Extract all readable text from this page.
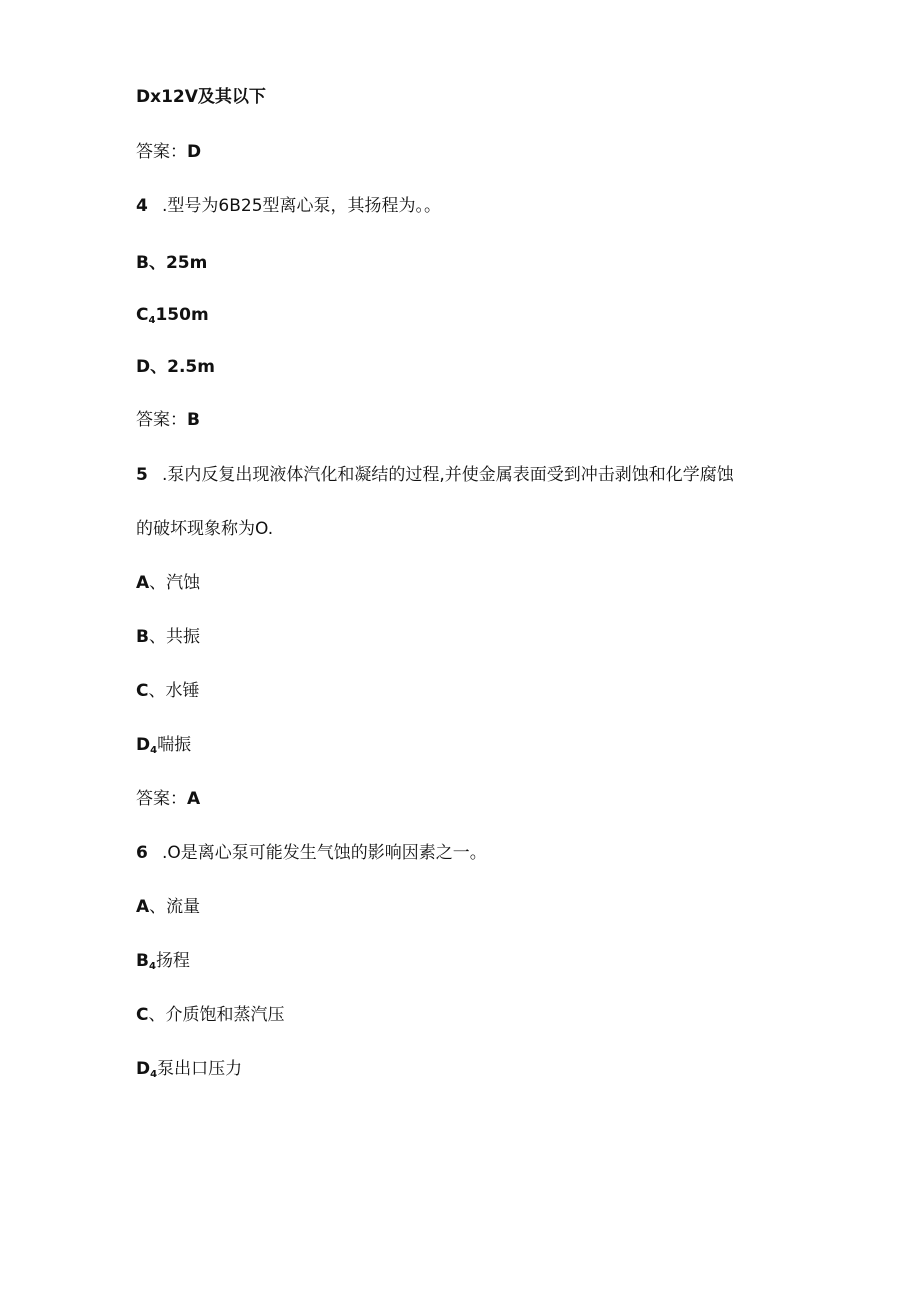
Dx12V及其以下
答案：D
4 .型号为6B25型离心泵，其扬程为。。
B、25m
$C_4150m$
D、2.5m
答案：B
5 .泵内反复出现液体汽化和凝结的过程,并使金属表面受到冲击剥蚀和化学腐蚀
的破坏现象称为O.
A、汽蚀
B、共振
C、水锤
$D_4$喘振
答案：A
6 .O是离心泵可能发生气蚀的影响因素之一。
A、流量
$B_4$扬程
C、介质饱和蒸汽压
$D_4$泵出口压力
